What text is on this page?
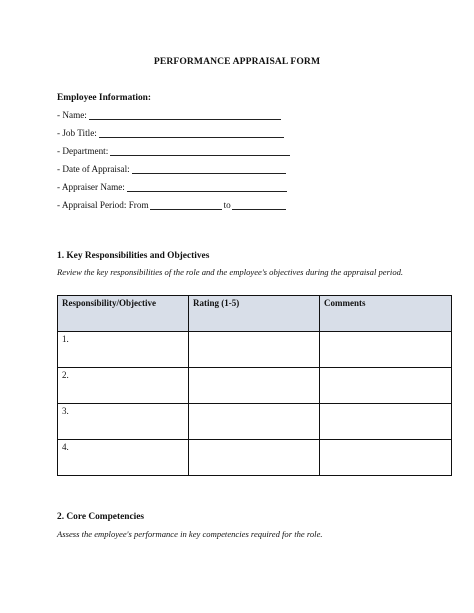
PERFORMANCE APPRAISAL FORM
Employee Information:
- Name:
- Job Title:
- Department:
- Date of Appraisal:
- Appraiser Name:
- Appraisal Period: From	to
1. Key Responsibilities and Objectives
Review the key responsibilities of the role and the employee's objectives during the appraisal period.
Responsibility/Objective	Rating (1-5)	Comments
1.		
2.		
3.		
4.		
2. Core Competencies
Assess the employee's performance in key competencies required for the role.
